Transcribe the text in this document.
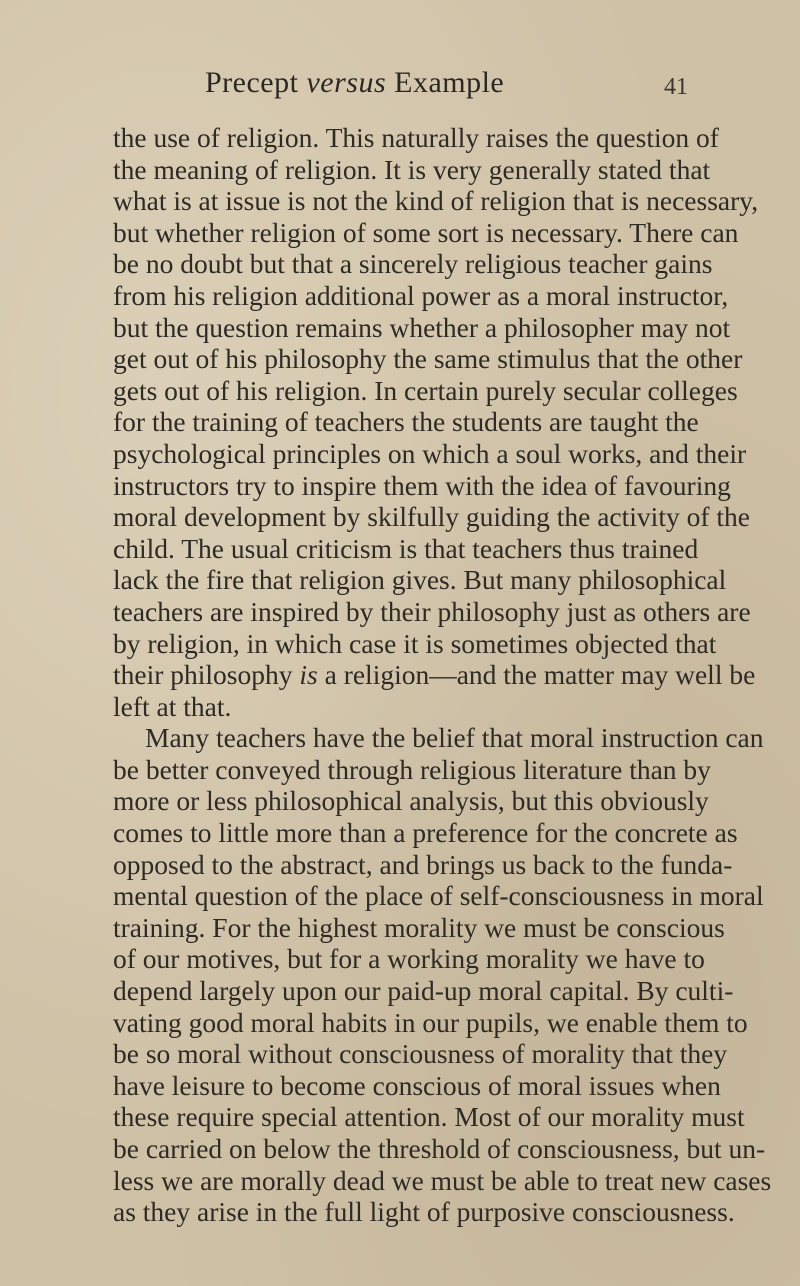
Precept versus Example	41
the use of religion. This naturally raises the question of
the meaning of religion. It is very generally stated that
what is at issue is not the kind of religion that is necessary,
but whether religion of some sort is necessary. There can
be no doubt but that a sincerely religious teacher gains
from his religion additional power as a moral instructor,
but the question remains whether a philosopher may not
get out of his philosophy the same stimulus that the other
gets out of his religion. In certain purely secular colleges
for the training of teachers the students are taught the
psychological principles on which a soul works, and their
instructors try to inspire them with the idea of favouring
moral development by skilfully guiding the activity of the
child. The usual criticism is that teachers thus trained
lack the fire that religion gives. But many philosophical
teachers are inspired by their philosophy just as others are
by religion, in which case it is sometimes objected that
their philosophy is a religion—and the matter may well be
left at that.
Many teachers have the belief that moral instruction can
be better conveyed through religious literature than by
more or less philosophical analysis, but this obviously
comes to little more than a preference for the concrete as
opposed to the abstract, and brings us back to the funda-
mental question of the place of self-consciousness in moral
training. For the highest morality we must be conscious
of our motives, but for a working morality we have to
depend largely upon our paid-up moral capital. By culti-
vating good moral habits in our pupils, we enable them to
be so moral without consciousness of morality that they
have leisure to become conscious of moral issues when
these require special attention. Most of our morality must
be carried on below the threshold of consciousness, but un-
less we are morally dead we must be able to treat new cases
as they arise in the full light of purposive consciousness.
